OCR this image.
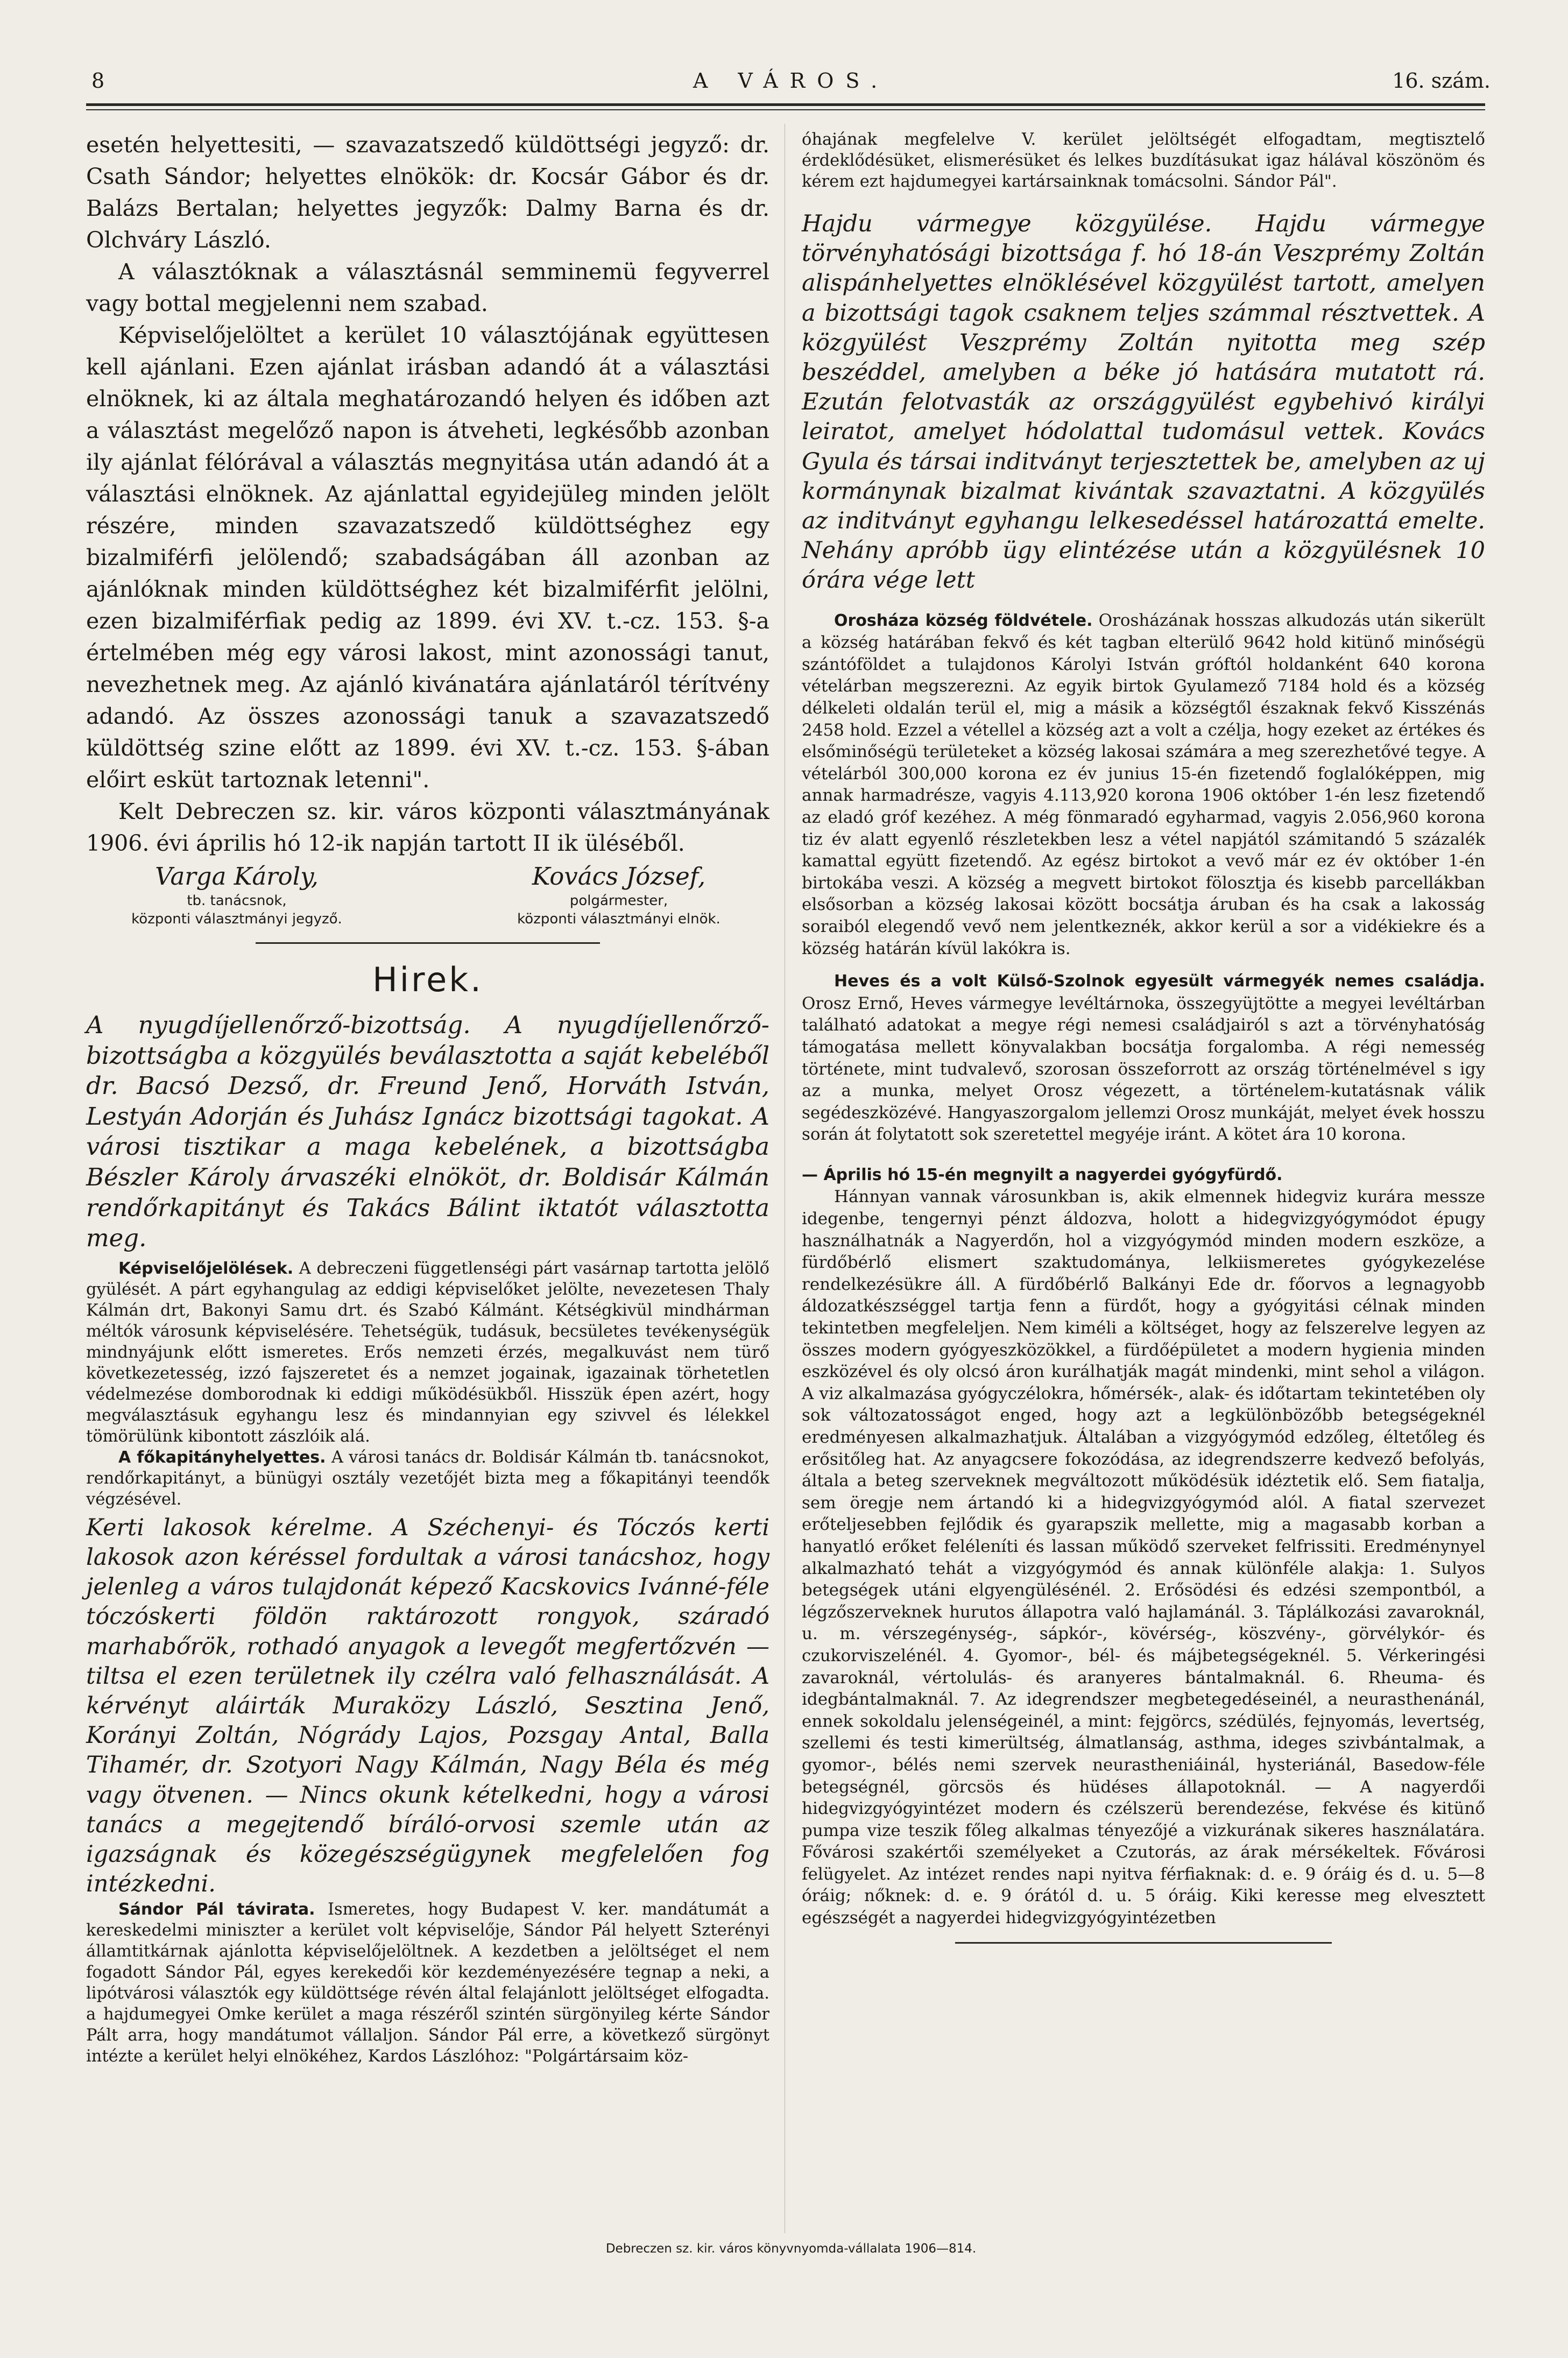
8	A VÁROS.	16. szám.

esetén helyettesiti, — szavazatszedő küldöttségi jegyző: dr. Csath Sándor; helyettes elnökök: dr. Kocsár Gábor és dr. Balázs Bertalan; helyettes jegyzők: Dalmy Barna és dr. Olchváry László.

A választóknak a választásnál semminemü fegyverrel vagy bottal megjelenni nem szabad.

Képviselőjelöltet a kerület 10 választójának együttesen kell ajánlani. Ezen ajánlat irásban adandó át a választási elnöknek, ki az általa meghatározandó helyen és időben azt a választást megelőző napon is átveheti, legkésőbb azonban ily ajánlat félórával a választás megnyitása után adandó át a választási elnöknek. Az ajánlattal egyidejüleg minden jelölt részére, minden szavazatszedő küldöttséghez egy bizalmiférfi jelölendő; szabadságában áll azonban az ajánlóknak minden küldöttséghez két bizalmiférfit jelölni, ezen bizalmiférfiak pedig az 1899. évi XV. t.-cz. 153. §-a értelmében még egy városi lakost, mint azonossági tanut, nevezhetnek meg. Az ajánló kivánatára ajánlatáról térítvény adandó. Az összes azonossági tanuk a szavazatszedő küldöttség szine előtt az 1899. évi XV. t.-cz. 153. §-ában előirt esküt tartoznak letenni".

Kelt Debreczen sz. kir. város központi választmányának 1906. évi április hó 12-ik napján tartott II ik üléséből.

Varga Károly,
tb. tanácsnok,
központi választmányi jegyző.
Kovács József,
polgármester,
központi választmányi elnök.
Hirek.

A nyugdíjellenőrző-bizottság. A nyugdíjellenőrző-bizottságba a közgyülés beválasztotta a saját kebeléből dr. Bacsó Dezső, dr. Freund Jenő, Horváth István, Lestyán Adorján és Juhász Ignácz bizottsági tagokat. A városi tisztikar a maga kebelének, a bizottságba Bészler Károly árvaszéki elnököt, dr. Boldisár Kálmán rendőrkapitányt és Takács Bálint iktatót választotta meg.

Képviselőjelölések. A debreczeni függetlenségi párt vasárnap tartotta jelölő gyülését. A párt egyhangulag az eddigi képviselőket jelölte, nevezetesen Thaly Kálmán drt, Bakonyi Samu drt. és Szabó Kálmánt. Kétségkivül mindhárman méltók városunk képviselésére. Tehetségük, tudásuk, becsületes tevékenységük mindnyájunk előtt ismeretes. Erős nemzeti érzés, megalkuvást nem türő következetesség, izzó fajszeretet és a nemzet jogainak, igazainak törhetetlen védelmezése domborodnak ki eddigi működésükből. Hisszük épen azért, hogy megválasztásuk egyhangu lesz és mindannyian egy szivvel és lélekkel tömörülünk kibontott zászlóik alá.

A főkapitányhelyettes. A városi tanács dr. Boldisár Kálmán tb. tanácsnokot, rendőrkapitányt, a bünügyi osztály vezetőjét bizta meg a főkapitányi teendők végzésével.

Kerti lakosok kérelme. A Széchenyi- és Tóczós kerti lakosok azon kéréssel fordultak a városi tanácshoz, hogy jelenleg a város tulajdonát képező Kacskovics Ivánné-féle tóczóskerti földön raktározott rongyok, száradó marhabőrök, rothadó anyagok a levegőt megfertőzvén — tiltsa el ezen területnek ily czélra való felhasználását. A kérvényt aláirták Muraközy László, Sesztina Jenő, Korányi Zoltán, Nógrády Lajos, Pozsgay Antal, Balla Tihamér, dr. Szotyori Nagy Kálmán, Nagy Béla és még vagy ötvenen. — Nincs okunk kételkedni, hogy a városi tanács a megejtendő bíráló-orvosi szemle után az igazságnak és közegészségügynek megfelelően fog intézkedni.

Sándor Pál távirata. Ismeretes, hogy Budapest V. ker. mandátumát a kereskedelmi miniszter a kerület volt képviselője, Sándor Pál helyett Szterényi államtitkárnak ajánlotta képviselőjelöltnek. A kezdetben a jelöltséget el nem fogadott Sándor Pál, egyes kerekedői kör kezdeményezésére tegnap a neki, a lipótvárosi választók egy küldöttsége révén által felajánlott jelöltséget elfogadta. a hajdumegyei Omke kerület a maga részéről szintén sürgönyileg kérte Sándor Pált arra, hogy mandátumot vállaljon. Sándor Pál erre, a következő sürgönyt intézte a kerület helyi elnökéhez, Kardos Lászlóhoz: "Polgártársaim köz-

óhajának megfelelve V. kerület jelöltségét elfogadtam, megtisztelő érdeklődésüket, elismerésüket és lelkes buzdításukat igaz hálával köszönöm és kérem ezt hajdumegyei kartársainknak tomácsolni. Sándor Pál".

Hajdu vármegye közgyülése. Hajdu vármegye törvényhatósági bizottsága f. hó 18-án Veszprémy Zoltán alispánhelyettes elnöklésével közgyülést tartott, amelyen a bizottsági tagok csaknem teljes számmal résztvettek. A közgyülést Veszprémy Zoltán nyitotta meg szép beszéddel, amelyben a béke jó hatására mutatott rá. Ezután felotvasták az országgyülést egybehivó királyi leiratot, amelyet hódolattal tudomásul vettek. Kovács Gyula és társai inditványt terjesztettek be, amelyben az uj kormánynak bizalmat kivántak szavaztatni. A közgyülés az inditványt egyhangu lelkesedéssel határozattá emelte. Nehány apróbb ügy elintézése után a közgyülésnek 10 órára vége lett

Orosháza község földvétele. Orosházának hosszas alkudozás után sikerült a község határában fekvő és két tagban elterülő 9642 hold kitünő minőségü szántóföldet a tulajdonos Károlyi István gróftól holdanként 640 korona vételárban megszerezni. Az egyik birtok Gyulamező 7184 hold és a község délkeleti oldalán terül el, mig a másik a községtől északnak fekvő Kisszénás 2458 hold. Ezzel a vétellel a község azt a volt a czélja, hogy ezeket az értékes és elsőminőségü területeket a község lakosai számára a meg szerezhetővé tegye. A vételárból 300,000 korona ez év junius 15-én fizetendő foglalóképpen, mig annak harmadrésze, vagyis 4.113,920 korona 1906 október 1-én lesz fizetendő az eladó gróf kezéhez. A még fönmaradó egyharmad, vagyis 2.056,960 korona tiz év alatt egyenlő részletekben lesz a vétel napjától számitandó 5 százalék kamattal együtt fizetendő. Az egész birtokot a vevő már ez év október 1-én birtokába veszi. A község a megvett birtokot fölosztja és kisebb parcellákban elsősorban a község lakosai között bocsátja áruban és ha csak a lakosság soraiból elegendő vevő nem jelentkeznék, akkor kerül a sor a vidékiekre és a község határán kívül lakókra is.

Heves és a volt Külső-Szolnok egyesült vármegyék nemes családja. Orosz Ernő, Heves vármegye levéltárnoka, összegyüjtötte a megyei levéltárban található adatokat a megye régi nemesi családjairól s azt a törvényhatóság támogatása mellett könyvalakban bocsátja forgalomba. A régi nemesség története, mint tudvalevő, szorosan összeforrott az ország történelmével s igy az a munka, melyet Orosz végezett, a történelem-kutatásnak válik segédeszközévé. Hangyaszorgalom jellemzi Orosz munkáját, melyet évek hosszu során át folytatott sok szeretettel megyéje iránt. A kötet ára 10 korona.

— Április hó 15-én megnyilt a nagyerdei gyógyfürdő.

Hánnyan vannak városunkban is, akik elmennek hidegviz kurára messze idegenbe, tengernyi pénzt áldozva, holott a hidegvizgyógymódot épugy használhatnák a Nagyerdőn, hol a vizgyógymód minden modern eszköze, a fürdőbérlő elismert szaktudománya, lelkiismeretes gyógykezelése rendelkezésükre áll. A fürdőbérlő Balkányi Ede dr. főorvos a legnagyobb áldozatkészséggel tartja fenn a fürdőt, hogy a gyógyitási célnak minden tekintetben megfeleljen. Nem kiméli a költséget, hogy az felszerelve legyen az összes modern gyógyeszközökkel, a fürdőépületet a modern hygienia minden eszközével és oly olcsó áron kurálhatják magát mindenki, mint sehol a világon. A viz alkalmazása gyógyczélokra, hőmérsék-, alak- és időtartam tekintetében oly sok változatosságot enged, hogy azt a legkülönbözőbb betegségeknél eredményesen alkalmazhatjuk. Általában a vizgyógymód edzőleg, éltetőleg és erősitőleg hat. Az anyagcsere fokozódása, az idegrendszerre kedvező befolyás, általa a beteg szerveknek megváltozott működésük idéztetik elő. Sem fiatalja, sem öregje nem ártandó ki a hidegvizgyógymód alól. A fiatal szervezet erőteljesebben fejlődik és gyarapszik mellette, mig a magasabb korban a hanyatló erőket feléleníti és lassan működő szerveket felfrissiti. Eredménynyel alkalmazható tehát a vizgyógymód és annak különféle alakja: 1. Sulyos betegségek utáni elgyengülésénél. 2. Erősödési és edzési szempontból, a légzőszerveknek hurutos állapotra való hajlamánál. 3. Táplálkozási zavaroknál, u. m. vérszegénység-, sápkór-, kövérség-, köszvény-, görvélykór- és czukorviszelénél. 4. Gyomor-, bél- és májbetegségeknél. 5. Vérkeringési zavaroknál, vértolulás- és aranyeres bántalmaknál. 6. Rheuma- és idegbántalmaknál. 7. Az idegrendszer megbetegedéseinél, a neurasthenánál, ennek sokoldalu jelenségeinél, a mint: fejgörcs, szédülés, fejnyomás, levertség, szellemi és testi kimerültség, álmatlanság, asthma, ideges szivbántalmak, a gyomor-, bélés nemi szervek neurastheniáinál, hysteriánál, Basedow-féle betegségnél, görcsös és hüdéses állapotoknál. — A nagyerdői hidegvizgyógyintézet modern és czélszerü berendezése, fekvése és kitünő pumpa vize teszik főleg alkalmas tényezőjé a vizkurának sikeres használatára. Fővárosi szakértői személyeket a Czutorás, az árak mérsékeltek. Fővárosi felügyelet. Az intézet rendes napi nyitva férfiaknak: d. e. 9 óráig és d. u. 5—8 óráig; nőknek: d. e. 9 órától d. u. 5 óráig. Kiki keresse meg elvesztett egészségét a nagyerdei hidegvizgyógyintézetben

Debreczen sz. kir. város könyvnyomda-vállalata 1906—814.
